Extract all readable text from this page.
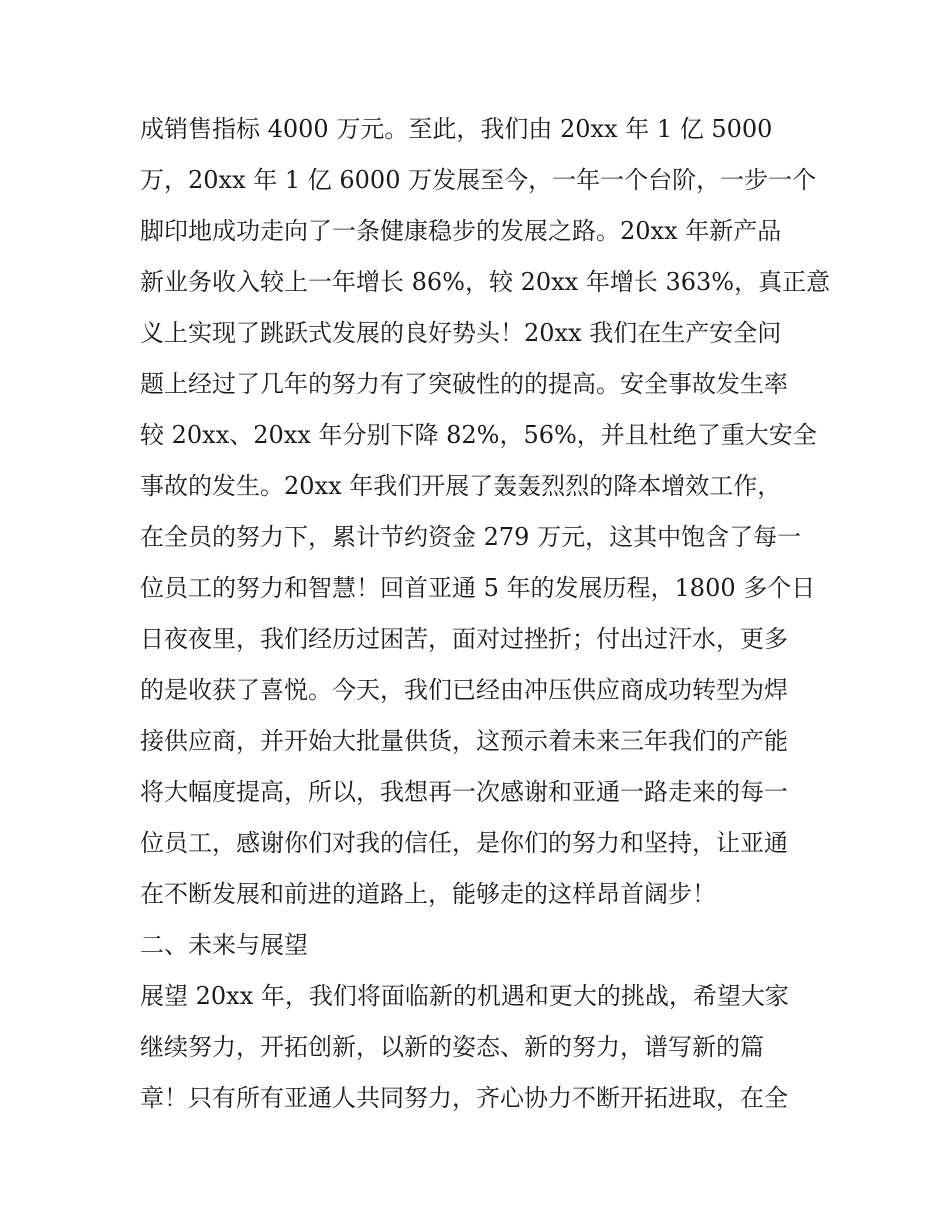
成销售指标 4000 万元。至此，我们由 20xx 年 1 亿 5000
万，20xx 年 1 亿 6000 万发展至今，一年一个台阶，一步一个
脚印地成功走向了一条健康稳步的发展之路。20xx 年新产品
新业务收入较上一年增长 86%，较 20xx 年增长 363%，真正意
义上实现了跳跃式发展的良好势头！20xx 我们在生产安全问
题上经过了几年的努力有了突破性的的提高。安全事故发生率
较 20xx、20xx 年分别下降 82%，56%，并且杜绝了重大安全
事故的发生。20xx 年我们开展了轰轰烈烈的降本增效工作，
在全员的努力下，累计节约资金 279 万元，这其中饱含了每一
位员工的努力和智慧！回首亚通 5 年的发展历程，1800 多个日
日夜夜里，我们经历过困苦，面对过挫折；付出过汗水，更多
的是收获了喜悦。今天，我们已经由冲压供应商成功转型为焊
接供应商，并开始大批量供货，这预示着未来三年我们的产能
将大幅度提高，所以，我想再一次感谢和亚通一路走来的每一
位员工，感谢你们对我的信任，是你们的努力和坚持，让亚通
在不断发展和前进的道路上，能够走的这样昂首阔步！
二、未来与展望
展望 20xx 年，我们将面临新的机遇和更大的挑战，希望大家
继续努力，开拓创新，以新的姿态、新的努力，谱写新的篇
章！只有所有亚通人共同努力，齐心协力不断开拓进取，在全
